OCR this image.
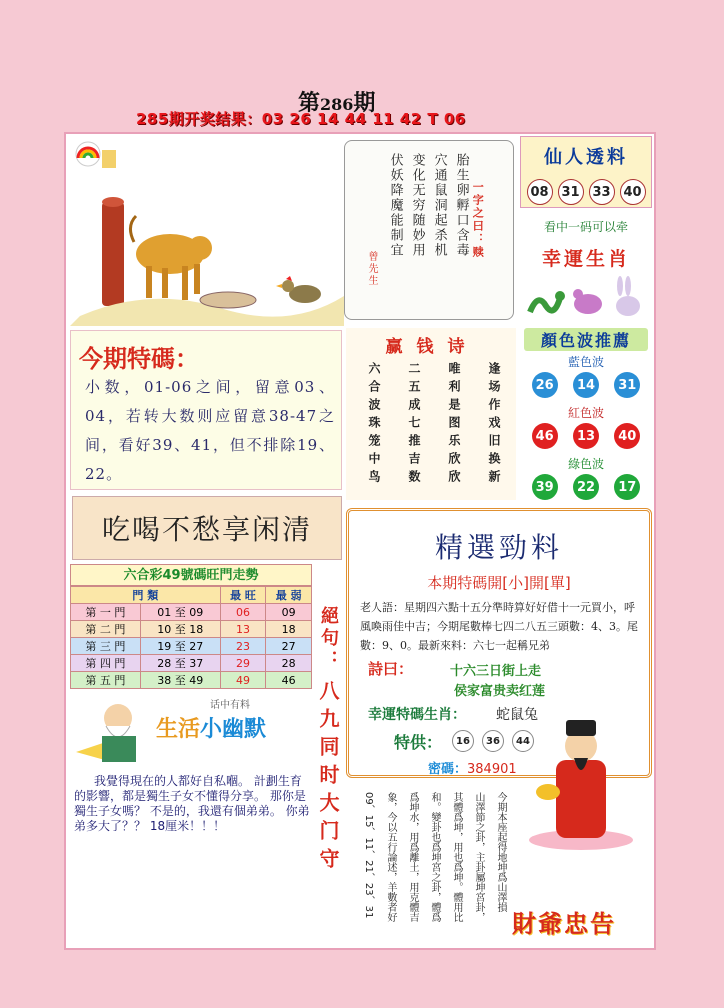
第286期
285期开奖结果：03 26 14 44 11 42 T 06
一字之曰：赎
胎生卵孵口含毒
穴通鼠洞起杀机
变化无穷随妙用
伏妖降魔能制宜
曾先生
仙人透料
08 31 33 40
看中一码可以牵
幸運生肖
顏色波推薦
藍色波
26	14	31
紅色波
46	13	40
綠色波
39	22	17
今期特碼：
小数，01-06之间，留意03、04，若转大数则应留意38-47之间，看好39、41，但不排除19、22。
赢钱诗
逢场作戏旧换新
唯利是图乐欣欣
二五成七推吉数
六合波珠笼中鸟
吃喝不愁享闲清
六合彩49號碼旺門走勢
門 類		最 旺	最 弱
第 一 門	01 至 09	06	09
第 二 門	10 至 18	13	18
第 三 門	19 至 27	23	27
第 四 門	28 至 37	29	28
第 五 門	38 至 49	49	46
话中有料
生活小幽默
我覺得現在的人都好自私嗰。 計劃生育的影響，都是獨生子女不懂得分享。 那你是獨生子女嗎？ 不是的，我還有個弟弟。 你弟弟多大了？？ 18厘米！！！
絕句：
八九同时大门守
精選勁料
本期特碼開[小]開[單]
老人語：星期四六點十五分準時算好好借十一元買小，呼風喚雨佳中吉；今期尾數棒七四二八五三頭數：4、3。尾數：9、0。最新來料：六七一起稱兄弟
詩曰：	十六三日街上走
侯家富贵卖红莲
幸運特碼生肖： 蛇鼠兔
特供：	16	36	44
密碼：384901
今期本座起得地坤爲山澤損
山澤節之卦，主卦屬坤宮卦，
其體爲坤，用也爲坤。體用比
和。變卦也爲坤宮之卦，體爲
爲坤水，用爲離土，用克體吉
象，今以五行論述，羊數者好
09、15、11、21、23、31
財爺忠告
